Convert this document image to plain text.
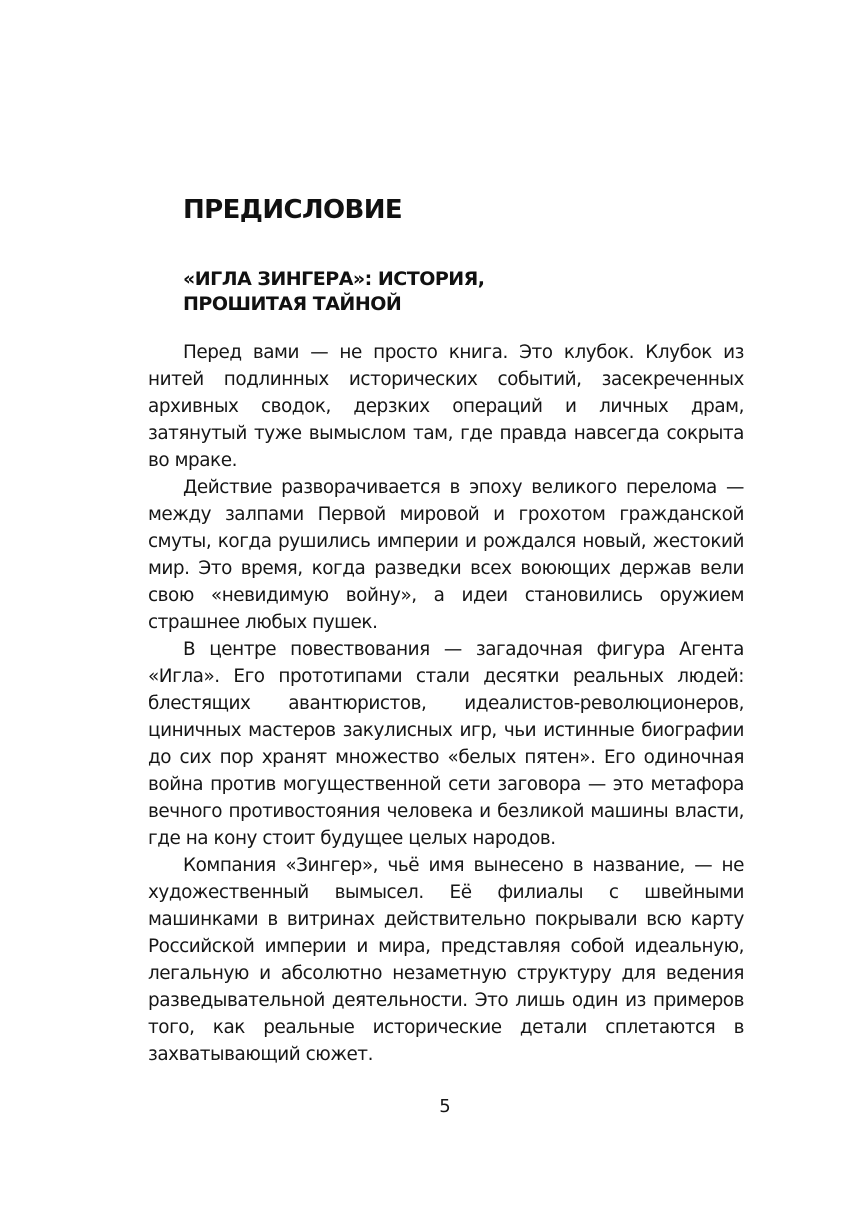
ПРЕДИСЛОВИЕ
«ИГЛА ЗИНГЕРА»: ИСТОРИЯ, ПРОШИТАЯ ТАЙНОЙ

Перед вами — не просто книга. Это клубок. Клубок из нитей подлинных исторических событий, засекреченных архивных сводок, дерзких операций и личных драм, затянутый туже вымыслом там, где правда навсегда сокрыта во мраке.

Действие разворачивается в эпоху великого перелома — между залпами Первой мировой и грохотом гражданской смуты, когда рушились империи и рождался новый, жестокий мир. Это время, когда разведки всех воюющих держав вели свою «невидимую войну», а идеи становились оружием страшнее любых пушек.

В центре повествования — загадочная фигура Агента «Игла». Его прототипами стали десятки реальных людей: блестящих авантюристов, идеалистов-революционеров, циничных мастеров закулисных игр, чьи истинные биографии до сих пор хранят множество «белых пятен». Его одиночная война против могущественной сети заговора — это метафора вечного противостояния человека и безликой машины власти, где на кону стоит будущее целых народов.

Компания «Зингер», чьё имя вынесено в название, — не художественный вымысел. Её филиалы с швейными машинками в витринах действительно покрывали всю карту Российской империи и мира, представляя собой идеальную, легальную и абсолютно незаметную структуру для ведения разведывательной деятельности. Это лишь один из примеров того, как реальные исторические детали сплетаются в захватывающий сюжет.

5
